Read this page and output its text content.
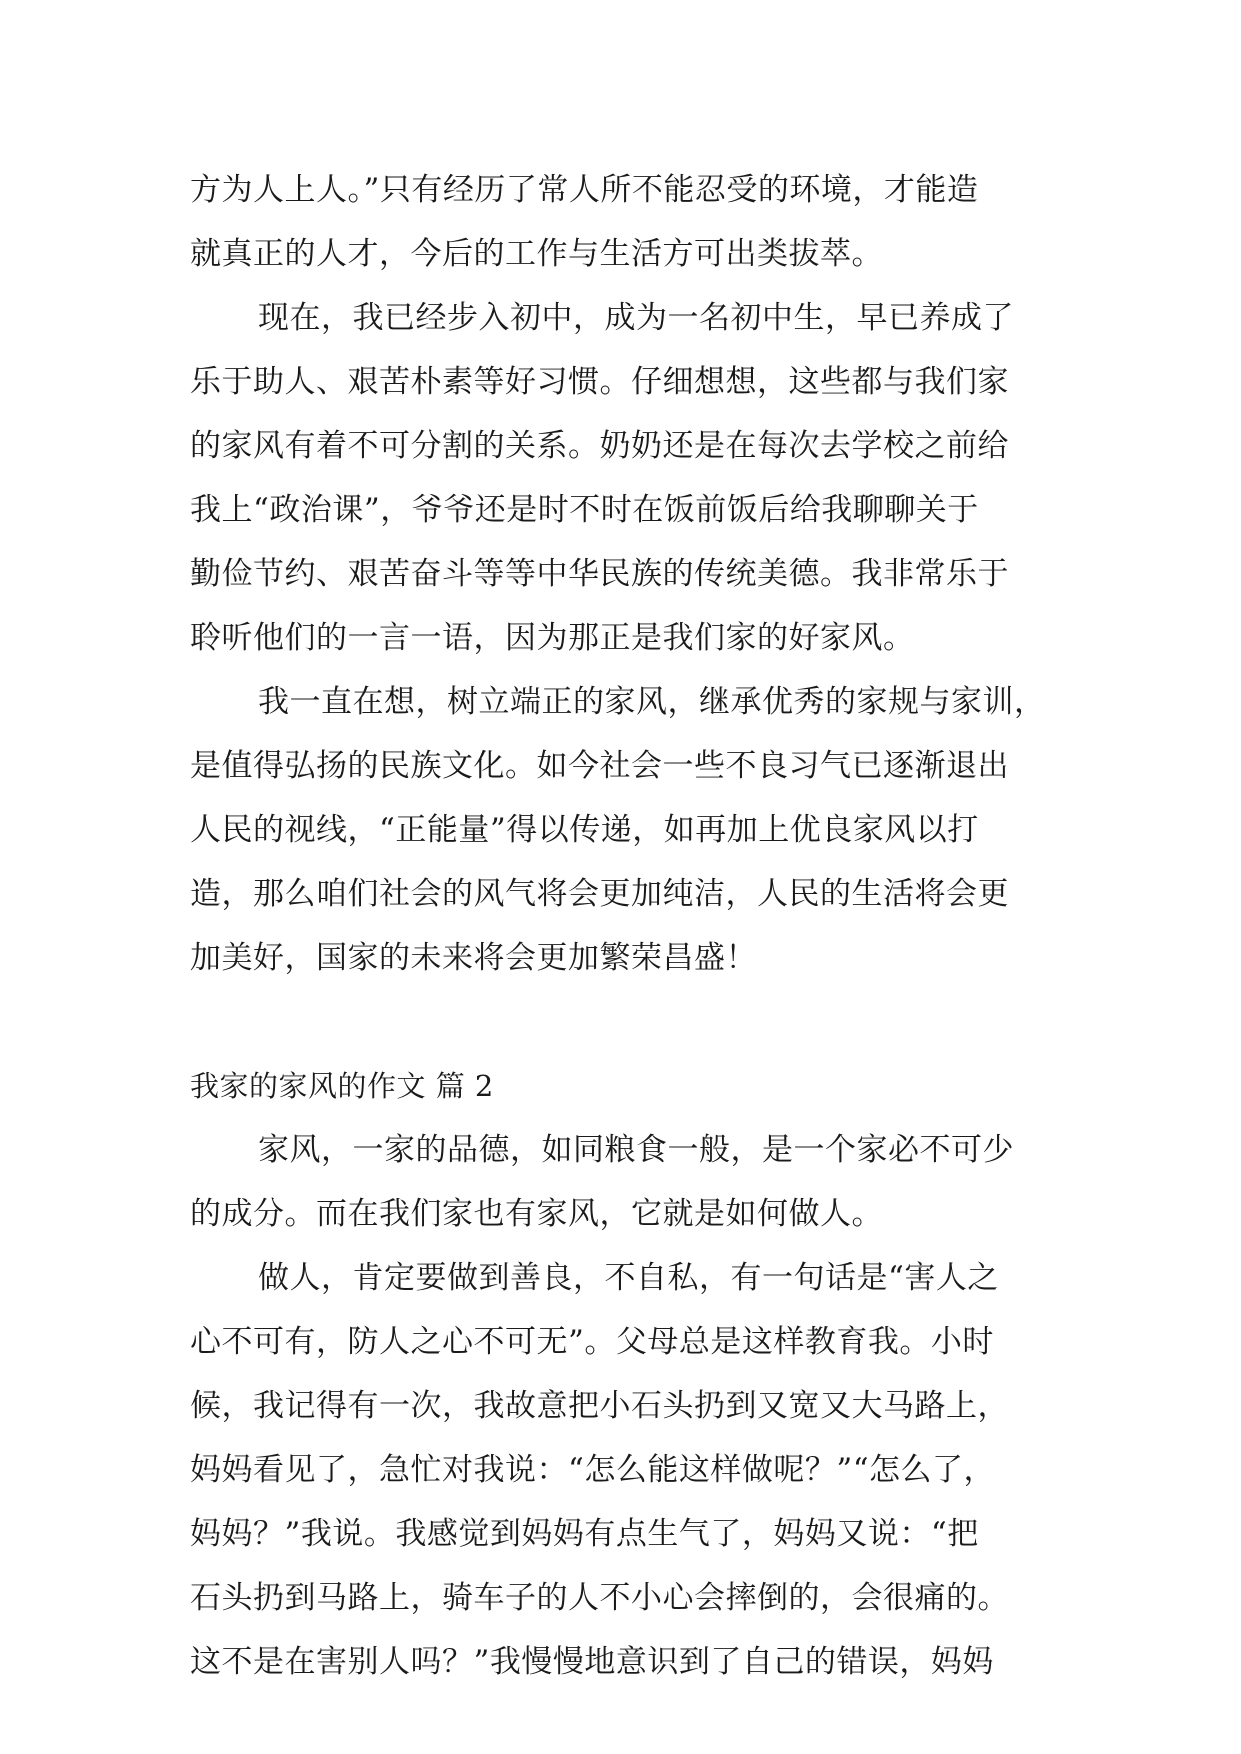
方为人上人。”只有经历了常人所不能忍受的环境，才能造
就真正的人才，今后的工作与生活方可出类拔萃。
现在，我已经步入初中，成为一名初中生，早已养成了
乐于助人、艰苦朴素等好习惯。仔细想想，这些都与我们家
的家风有着不可分割的关系。奶奶还是在每次去学校之前给
我上“政治课”，爷爷还是时不时在饭前饭后给我聊聊关于
勤俭节约、艰苦奋斗等等中华民族的传统美德。我非常乐于
聆听他们的一言一语，因为那正是我们家的好家风。
我一直在想，树立端正的家风，继承优秀的家规与家训，
是值得弘扬的民族文化。如今社会一些不良习气已逐渐退出
人民的视线，“正能量”得以传递，如再加上优良家风以打
造，那么咱们社会的风气将会更加纯洁，人民的生活将会更
加美好，国家的未来将会更加繁荣昌盛！
我家的家风的作文 篇 2
家风，一家的品德，如同粮食一般，是一个家必不可少
的成分。而在我们家也有家风，它就是如何做人。
做人，肯定要做到善良，不自私，有一句话是“害人之
心不可有，防人之心不可无”。父母总是这样教育我。小时
候，我记得有一次，我故意把小石头扔到又宽又大马路上，
妈妈看见了，急忙对我说：“怎么能这样做呢？”“怎么了，
妈妈？”我说。我感觉到妈妈有点生气了，妈妈又说：“把
石头扔到马路上，骑车子的人不小心会摔倒的，会很痛的。
这不是在害别人吗？”我慢慢地意识到了自己的错误，妈妈
